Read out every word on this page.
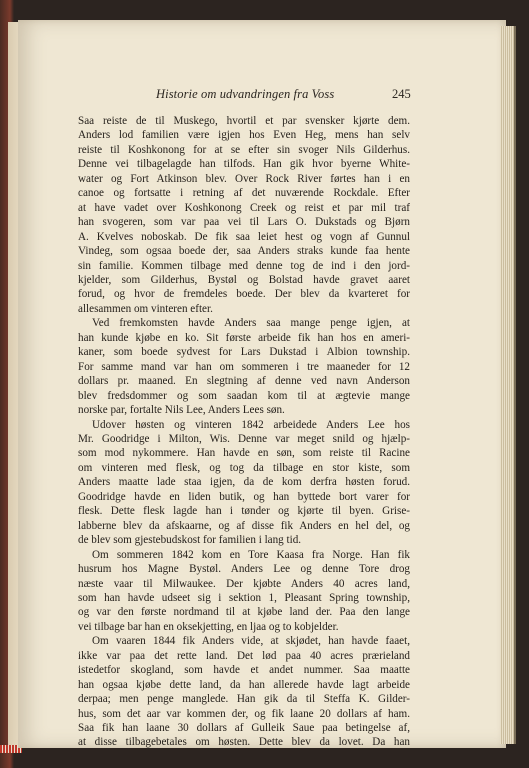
Historie om udvandringen fra Voss	245
Saa reiste de til Muskego, hvortil et par svensker kjørte dem.
Anders lod familien være igjen hos Even Heg, mens han selv
reiste til Koshkonong for at se efter sin svoger Nils Gilderhus.
Denne vei tilbagelagde han tilfods. Han gik hvor byerne White-
water og Fort Atkinson blev. Over Rock River førtes han i en
canoe og fortsatte i retning af det nuværende Rockdale. Efter
at have vadet over Koshkonong Creek og reist et par mil traf
han svogeren, som var paa vei til Lars O. Dukstads og Bjørn
A. Kvelves noboskab. De fik saa leiet hest og vogn af Gunnul
Vindeg, som ogsaa boede der, saa Anders straks kunde faa hente
sin familie. Kommen tilbage med denne tog de ind i den jord-
kjelder, som Gilderhus, Bystøl og Bolstad havde gravet aaret
forud, og hvor de fremdeles boede. Der blev da kvarteret for
allesammen om vinteren efter.
Ved fremkomsten havde Anders saa mange penge igjen, at
han kunde kjøbe en ko. Sit første arbeide fik han hos en ameri-
kaner, som boede sydvest for Lars Dukstad i Albion township.
For samme mand var han om sommeren i tre maaneder for 12
dollars pr. maaned. En slegtning af denne ved navn Anderson
blev fredsdommer og som saadan kom til at ægtevie mange
norske par, fortalte Nils Lee, Anders Lees søn.
Udover høsten og vinteren 1842 arbeidede Anders Lee hos
Mr. Goodridge i Milton, Wis. Denne var meget snild og hjælp-
som mod nykommere. Han havde en søn, som reiste til Racine
om vinteren med flesk, og tog da tilbage en stor kiste, som
Anders maatte lade staa igjen, da de kom derfra høsten forud.
Goodridge havde en liden butik, og han byttede bort varer for
flesk. Dette flesk lagde han i tønder og kjørte til byen. Grise-
labberne blev da afskaarne, og af disse fik Anders en hel del, og
de blev som gjestebudskost for familien i lang tid.
Om sommeren 1842 kom en Tore Kaasa fra Norge. Han fik
husrum hos Magne Bystøl. Anders Lee og denne Tore drog
næste vaar til Milwaukee. Der kjøbte Anders 40 acres land,
som han havde udseet sig i sektion 1, Pleasant Spring township,
og var den første nordmand til at kjøbe land der. Paa den lange
vei tilbage bar han en oksekjetting, en ljaa og to kobjelder.
Om vaaren 1844 fik Anders vide, at skjødet, han havde faaet,
ikke var paa det rette land. Det lød paa 40 acres prærieland
istedetfor skogland, som havde et andet nummer. Saa maatte
han ogsaa kjøbe dette land, da han allerede havde lagt arbeide
derpaa; men penge manglede. Han gik da til Steffa K. Gilder-
hus, som det aar var kommen der, og fik laane 20 dollars af ham.
Saa fik han laane 30 dollars af Gulleik Saue paa betingelse af,
at disse tilbagebetales om høsten. Dette blev da lovet. Da han
